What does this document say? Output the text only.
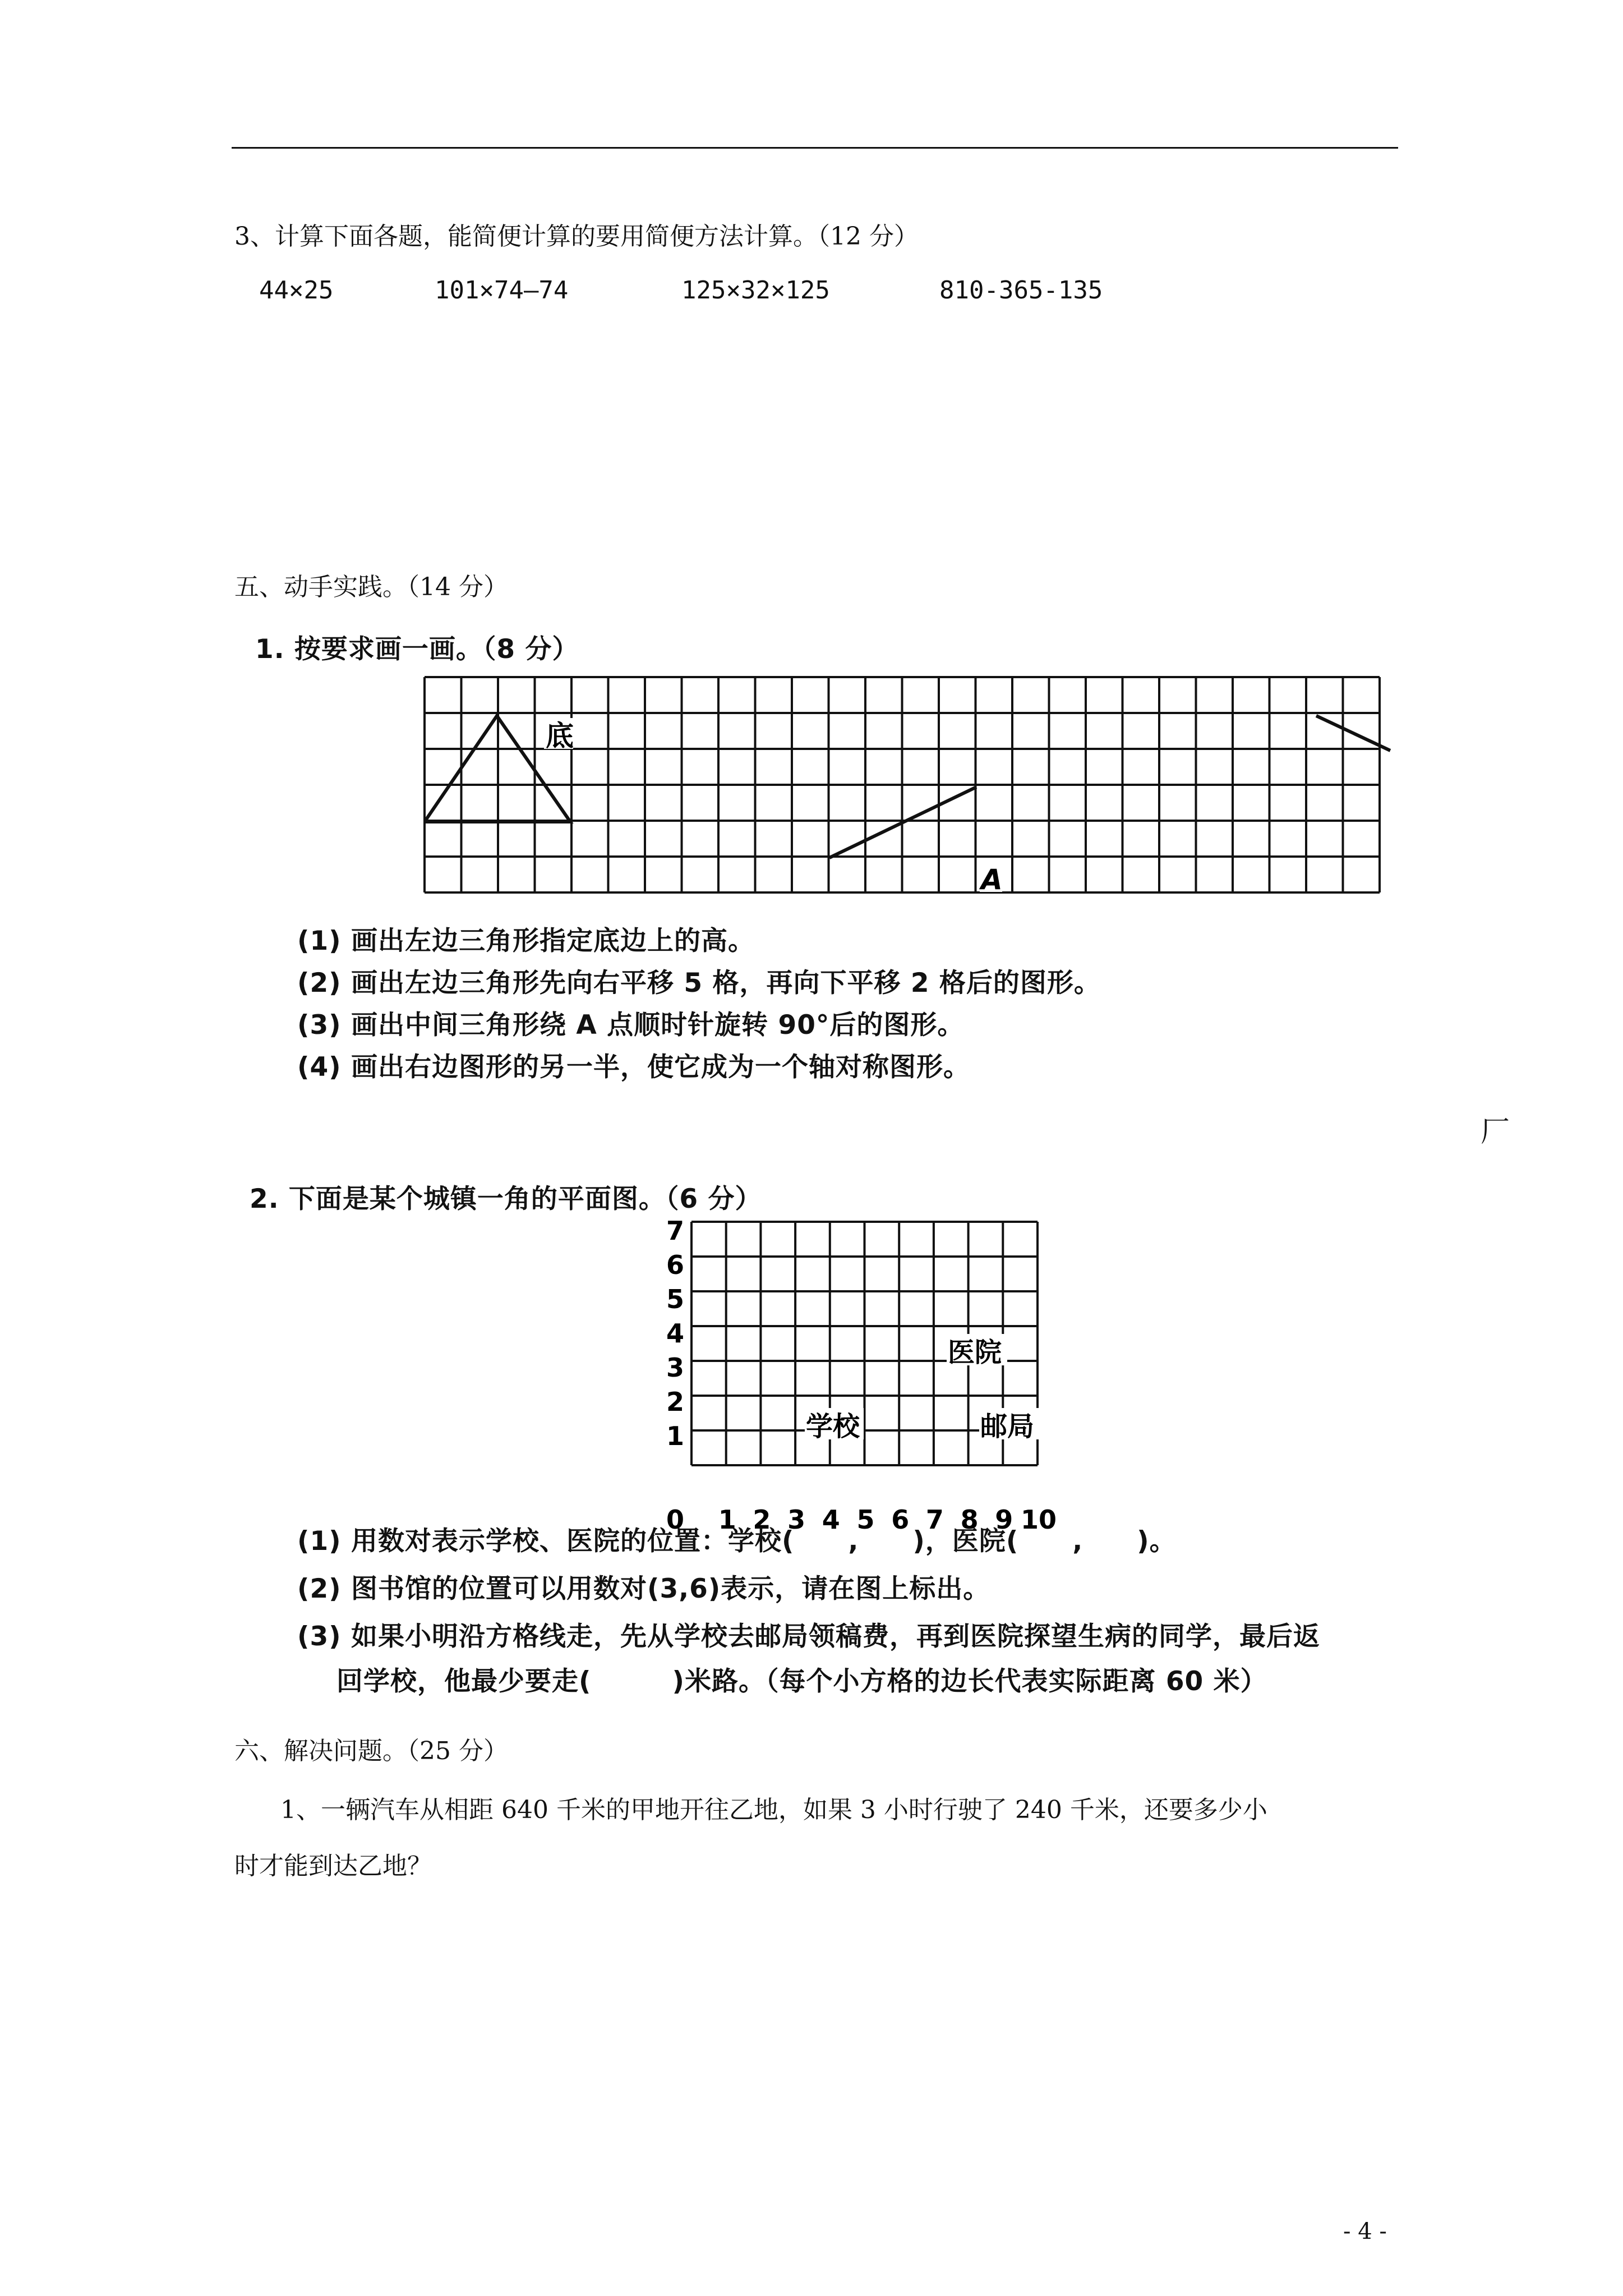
3、计算下面各题，能简便计算的要用简便方法计算。（12 分）
44×25	101×74—74	125×32×125	810-365-135
五、动手实践。（14 分）
1. 按要求画一画。（8 分）
底
A
(1) 画出左边三角形指定底边上的高。
(2) 画出左边三角形先向右平移 5 格，再向下平移 2 格后的图形。
(3) 画出中间三角形绕 A 点顺时针旋转 90°后的图形。
(4) 画出右边图形的另一半，使它成为一个轴对称图形。
厂
2. 下面是某个城镇一角的平面图。（6 分）
7
6
5
4
3
2
1
0 1 2 3 4 5 6 7 8 9 10
学校
医院
邮局
(1) 用数对表示学校、医院的位置：学校(　　,　　)，医院(　　,　　)。
(2) 图书馆的位置可以用数对(3,6)表示，请在图上标出。
(3) 如果小明沿方格线走，先从学校去邮局领稿费，再到医院探望生病的同学，最后返
回学校，他最少要走(　　　)米路。（每个小方格的边长代表实际距离 60 米）
六、解决问题。（25 分）
1、一辆汽车从相距 640 千米的甲地开往乙地，如果 3 小时行驶了 240 千米，还要多少小
时才能到达乙地？
- 4 -
